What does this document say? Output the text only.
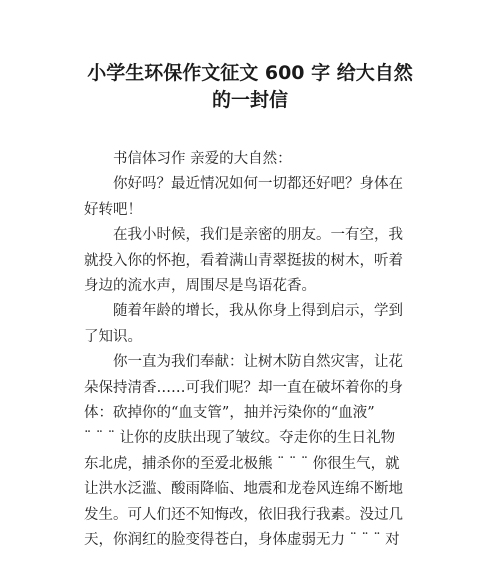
小学生环保作文征文 600 字 给大自然
的一封信

书信体习作 亲爱的大自然：

你好吗？最近情况如何一切都还好吧？身体在
好转吧！

在我小时候，我们是亲密的朋友。一有空，我
就投入你的怀抱，看着满山青翠挺拔的树木，听着
身边的流水声，周围尽是鸟语花香。

随着年龄的增长，我从你身上得到启示，学到
了知识。

你一直为我们奉献：让树木防自然灾害，让花
朵保持清香……可我们呢？却一直在破坏着你的身
体：砍掉你的“血支管”，抽并污染你的“血液”
¨ ¨ ¨ 让你的皮肤出现了皱纹。夺走你的生日礼物
东北虎，捕杀你的至爱北极熊 ¨ ¨ ¨ 你很生气，就
让洪水泛滥、酸雨降临、地震和龙卷风连绵不断地
发生。可人们还不知悔改，依旧我行我素。没过几
天，你润红的脸变得苍白，身体虚弱无力 ¨ ¨ ¨ 对
